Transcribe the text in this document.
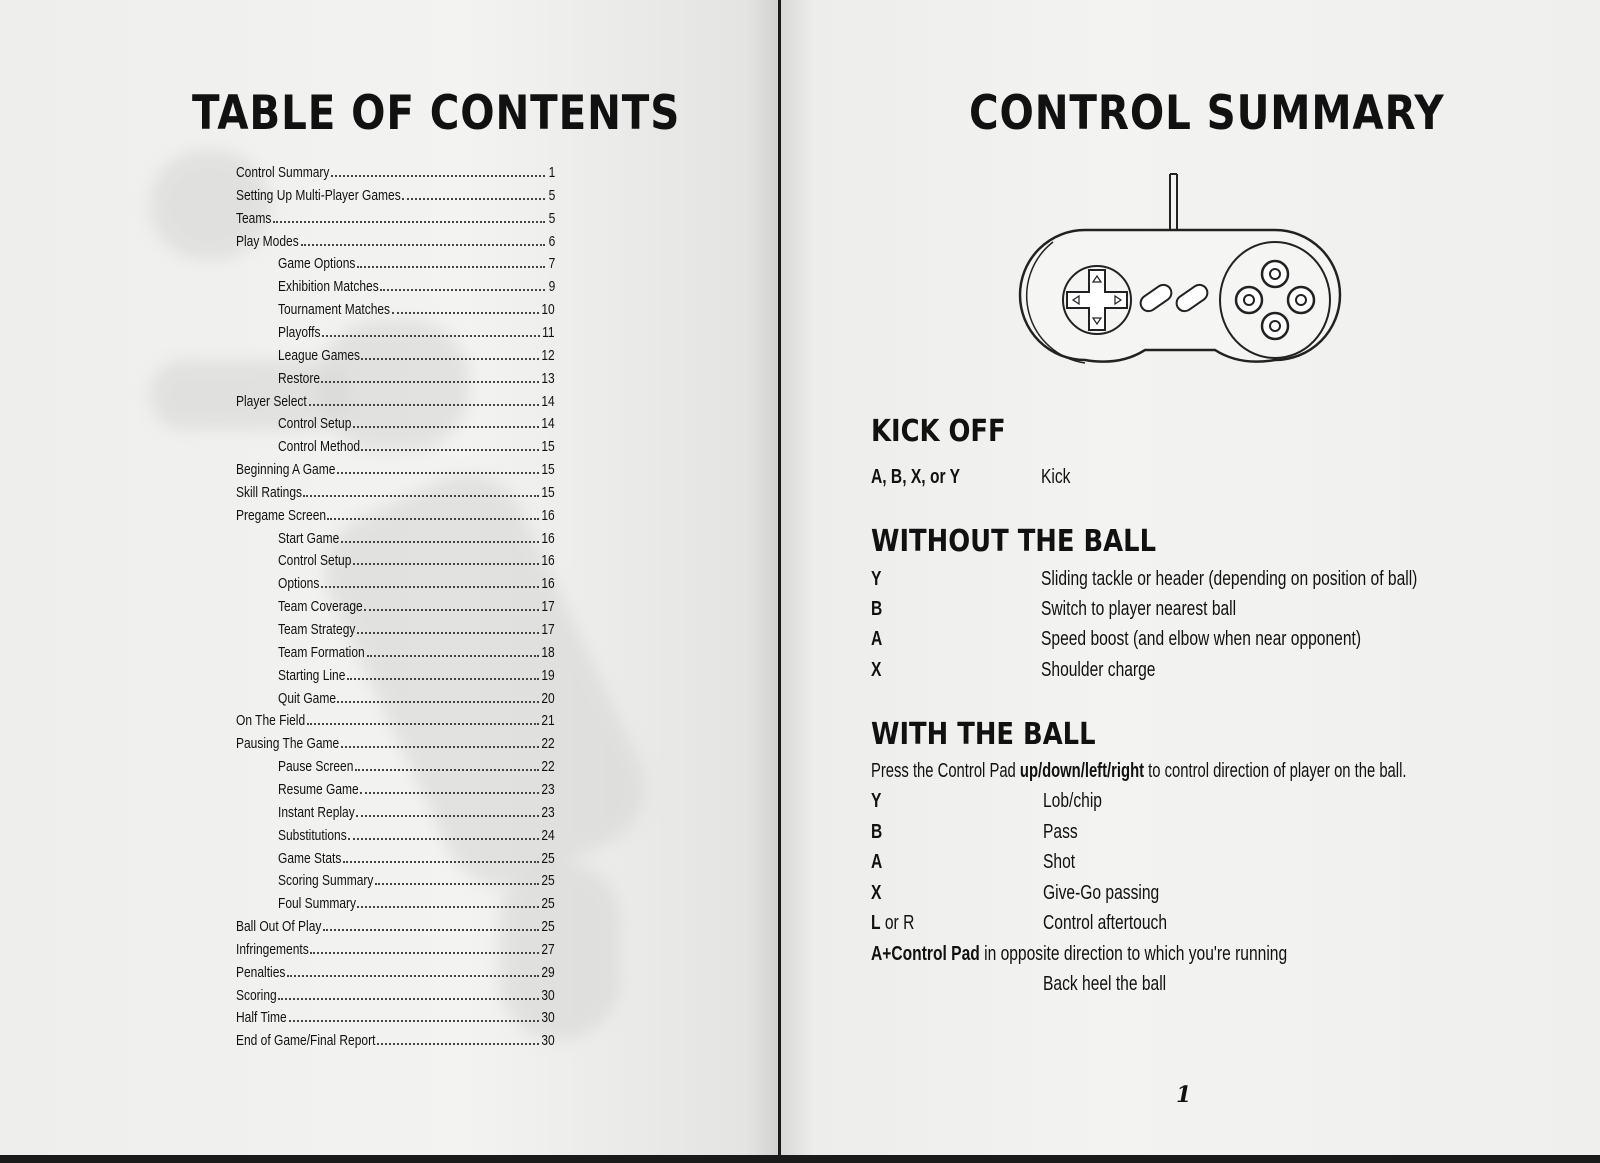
TABLE OF CONTENTS
Control Summary	1
Setting Up Multi-Player Games	5
Teams	5
Play Modes	6
Game Options	7
Exhibition Matches	9
Tournament Matches	10
Playoffs	11
League Games	12
Restore	13
Player Select	14
Control Setup	14
Control Method	15
Beginning A Game	15
Skill Ratings	15
Pregame Screen	16
Start Game	16
Control Setup	16
Options	16
Team Coverage	17
Team Strategy	17
Team Formation	18
Starting Line	19
Quit Game	20
On The Field	21
Pausing The Game	22
Pause Screen	22
Resume Game	23
Instant Replay	23
Substitutions	24
Game Stats	25
Scoring Summary	25
Foul Summary	25
Ball Out Of Play	25
Infringements	27
Penalties	29
Scoring	30
Half Time	30
End of Game/Final Report	30
CONTROL SUMMARY
KICK OFF
A, B, X, or Y	Kick
WITHOUT THE BALL
Y	Sliding tackle or header (depending on position of ball)
B	Switch to player nearest ball
A	Speed boost (and elbow when near opponent)
X	Shoulder charge
WITH THE BALL
Press the Control Pad up/down/left/right to control direction of player on the ball.
Y	Lob/chip
B	Pass
A	Shot
X	Give-Go passing
L or R	Control aftertouch
A+Control Pad in opposite direction to which you're running
Back heel the ball
1
